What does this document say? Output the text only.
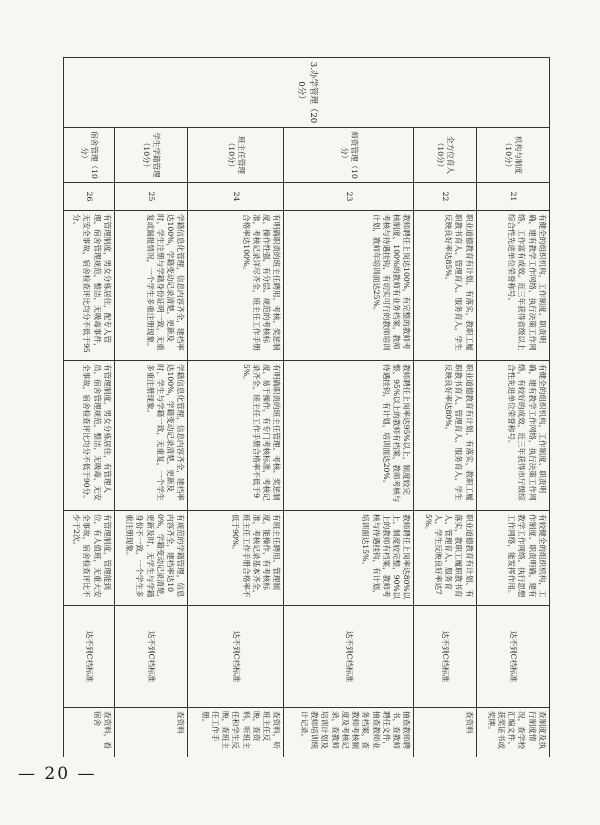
— 20 —
3.办学管理（200分）	机构与制度（10分）	21	有健全的组织机构，工作制度、职责明确，建有教学工作网络，执行决策工作网络，工作富有成效。近三年获得省级以上综合性先进单位荣誉称号。	有健全的组织机构，工作制度、职责明确，建有教学工作网络，执行决策工作网络，有较好的成效，近三年获得市厅级综合性先进单位荣誉称号。	有较健全的组织机构，工作制度、职责明确，建有教学工作网络、执行思想工作网络，能发挥作用。	达不到C档标准	查制度及执行制度情况，查学校汇编文件、获奖证书或奖牌。
	全方位育人（10分）	22	职业道德教育有计划、有落实，教职工履职教书育人、管理育人、服务育人，学生反映良好率达85%。	职业道德教育有计划、有落实，教职工履职教书育人、管理育人、服务育人，学生反映良好率达80%。	职业道德教育有计划、有落实，教职工履职教书育人、管理育人、服务育人，学生反映良好率达75%。	达不到C档标准	查资料
	师资管理（10分）	23	教师聘任上岗达100%，有完整的教师考核制度，100%的教师有业务档案，教师考核与待遇挂钩，有切实可行的教师培训计划，教师年培训面达25%。	教师聘任上岗率达95%以上，制度较完整，95%以上的教师有档案，教师考核与待遇挂钩，有计划，培训面达20%。	教师聘任上岗率达80%以上，制度较完整，90%以上的教师有档案，教师考核与待遇挂钩，有计划，培训面达15%。	达不到C档标准	抽查教师聘书，查教师聘任文件，抽查教师业务档案，查教师考核制度及考核记录，查教师培训计划及教师培训统计记录。
	班主任管理（10分）	24	有明确职责的班主任聘用、考核、奖惩制度，操作性强，有分层、规范的考核标准，考核记录详尽齐全，班主任工作手册合格率达100%。	有明确职责的班主任管理、考核、奖惩制度，易于操作，有专门考核标准，考核记录齐全，班主任工作手册合格率不低于95%。	有班主任聘用、管理制度，能操作，有考核标准，考核记录基本齐全，班主任工作手册合格率不低于90%。	达不到C档标准	查资料，听班主任反映，查资料，听班主任和学生反映，查班主任工作手册。
	学生学籍管理（10分）	25	学籍信息化管理，信息内容齐全，建档率达100%，学籍变动记录清楚，更新及时，学生注册与学籍身份证明一致，无重复或漏报情况，一个学生多重注册现象。	学籍信息化管理，信息内容齐全，建档率达100%，学籍变动记录清楚，更新及时，学生与学籍一致，无重复，一个学生多重注册现象。	有规范的学籍管理，信息内容齐全，建档率达100%，学籍变动记录清楚，更新及时，无学生与学籍身份不一致，一个学生多重注册现象。	达不到C档标准	查资料
	宿舍管理（10分）	26	有管理制度，男女分栋居住，配专人管理，宿舍管理规范，整洁，无吸毒事件，无安全事故，宿舍检查评比均分不低于95分。	有管理制度，男女分栋居住，有管理人员，宿舍管理规范，整洁，无吸毒，无安全事故，宿舍检查评比均分不低于90分。	有管理制度，管理能到位，有人值班，无重大安全事故，宿舍检查评比不少于2次。	达不到C档标准	查资料，看宿舍
